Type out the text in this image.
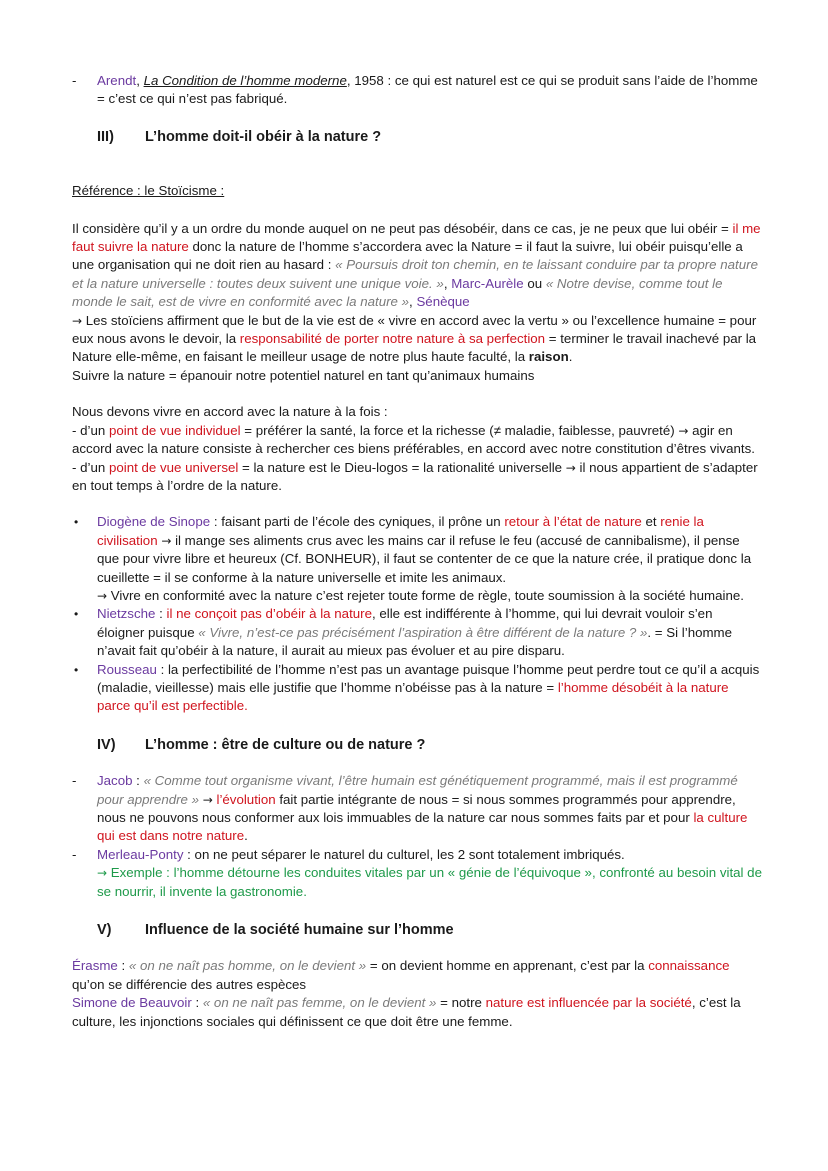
- Arendt, La Condition de l’homme moderne, 1958 : ce qui est naturel est ce qui se produit sans l’aide de l’homme = c’est ce qui n’est pas fabriqué.
III)	L’homme doit-il obéir à la nature ?

Référence : le Stoïcisme :

Il considère qu’il y a un ordre du monde auquel on ne peut pas désobéir, dans ce cas, je ne peux que lui obéir = il me faut suivre la nature donc la nature de l’homme s’accordera avec la Nature = il faut la suivre, lui obéir puisqu’elle a une organisation qui ne doit rien au hasard : « Poursuis droit ton chemin, en te laissant conduire par ta propre nature et la nature universelle : toutes deux suivent une unique voie. », Marc-Aurèle ou « Notre devise, comme tout le monde le sait, est de vivre en conformité avec la nature », Sénèque

→ Les stoïciens affirment que le but de la vie est de « vivre en accord avec la vertu » ou l’excellence humaine = pour eux nous avons le devoir, la responsabilité de porter notre nature à sa perfection = terminer le travail inachevé par la Nature elle-même, en faisant le meilleur usage de notre plus haute faculté, la raison.

Suivre la nature = épanouir notre potentiel naturel en tant qu’animaux humains

Nous devons vivre en accord avec la nature à la fois :

- d’un point de vue individuel = préférer la santé, la force et la richesse (≠ maladie, faiblesse, pauvreté) → agir en accord avec la nature consiste à rechercher ces biens préférables, en accord avec notre constitution d’êtres vivants.

- d’un point de vue universel = la nature est le Dieu-logos = la rationalité universelle → il nous appartient de s’adapter en tout temps à l’ordre de la nature.

• Diogène de Sinope : faisant parti de l’école des cyniques, il prône un retour à l’état de nature et renie la civilisation → il mange ses aliments crus avec les mains car il refuse le feu (accusé de cannibalisme), il pense que pour vivre libre et heureux (Cf. BONHEUR), il faut se contenter de ce que la nature crée, il pratique donc la cueillette = il se conforme à la nature universelle et imite les animaux.
→ Vivre en conformité avec la nature c’est rejeter toute forme de règle, toute soumission à la société humaine.
• Nietzsche : il ne conçoit pas d’obéir à la nature, elle est indifférente à l’homme, qui lui devrait vouloir s’en éloigner puisque « Vivre, n’est-ce pas précisément l’aspiration à être différent de la nature ? ». = Si l’homme n’avait fait qu’obéir à la nature, il aurait au mieux pas évoluer et au pire disparu.
• Rousseau : la perfectibilité de l’homme n’est pas un avantage puisque l’homme peut perdre tout ce qu’il a acquis (maladie, vieillesse) mais elle justifie que l’homme n’obéisse pas à la nature = l’homme désobéit à la nature parce qu’il est perfectible.
IV)	L’homme : être de culture ou de nature ?
- Jacob : « Comme tout organisme vivant, l’être humain est génétiquement programmé, mais il est programmé pour apprendre » → l’évolution fait partie intégrante de nous = si nous sommes programmés pour apprendre, nous ne pouvons nous conformer aux lois immuables de la nature car nous sommes faits par et pour la culture qui est dans notre nature.
- Merleau-Ponty : on ne peut séparer le naturel du culturel, les 2 sont totalement imbriqués.
→ Exemple : l’homme détourne les conduites vitales par un « génie de l’équivoque », confronté au besoin vital de se nourrir, il invente la gastronomie.
V)	Influence de la société humaine sur l’homme

Érasme : « on ne naît pas homme, on le devient » = on devient homme en apprenant, c’est par la connaissance qu’on se différencie des autres espèces

Simone de Beauvoir : « on ne naît pas femme, on le devient » = notre nature est influencée par la société, c’est la culture, les injonctions sociales qui définissent ce que doit être une femme.
